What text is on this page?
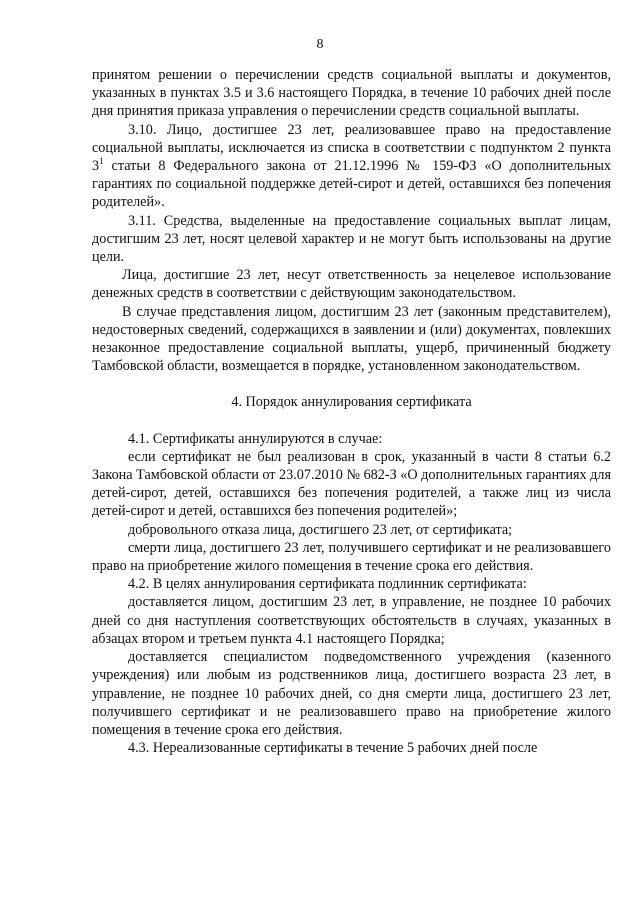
8

принятом решении о перечислении средств социальной выплаты и документов, указанных в пунктах 3.5 и 3.6 настоящего Порядка, в течение 10 рабочих дней после дня принятия приказа управления о перечислении средств социальной выплаты.

3.10. Лицо, достигшее 23 лет, реализовавшее право на предоставление социальной выплаты, исключается из списка в соответствии с подпунктом 2 пункта $3^1$ статьи 8 Федерального закона от 21.12.1996 № 159-ФЗ «О дополнительных гарантиях по социальной поддержке детей-сирот и детей, оставшихся без попечения родителей».

3.11. Средства, выделенные на предоставление социальных выплат лицам, достигшим 23 лет, носят целевой характер и не могут быть использованы на другие цели.

Лица, достигшие 23 лет, несут ответственность за нецелевое использование денежных средств в соответствии с действующим законодательством.

В случае представления лицом, достигшим 23 лет (законным представителем), недостоверных сведений, содержащихся в заявлении и (или) документах, повлекших незаконное предоставление социальной выплаты, ущерб, причиненный бюджету Тамбовской области, возмещается в порядке, установленном законодательством.

4. Порядок аннулирования сертификата

4.1. Сертификаты аннулируются в случае:

если сертификат не был реализован в срок, указанный в части 8 статьи 6.2 Закона Тамбовской области от 23.07.2010 № 682-З «О дополнительных гарантиях для детей-сирот, детей, оставшихся без попечения родителей, а также лиц из числа детей-сирот и детей, оставшихся без попечения родителей»;

добровольного отказа лица, достигшего 23 лет, от сертификата;

смерти лица, достигшего 23 лет, получившего сертификат и не реализовавшего право на приобретение жилого помещения в течение срока его действия.

4.2. В целях аннулирования сертификата подлинник сертификата:

доставляется лицом, достигшим 23 лет, в управление, не позднее 10 рабочих дней со дня наступления соответствующих обстоятельств в случаях, указанных в абзацах втором и третьем пункта 4.1 настоящего Порядка;

доставляется специалистом подведомственного учреждения (казенного учреждения) или любым из родственников лица, достигшего возраста 23 лет, в управление, не позднее 10 рабочих дней, со дня смерти лица, достигшего 23 лет, получившего сертификат и не реализовавшего право на приобретение жилого помещения в течение срока его действия.

4.3. Нереализованные сертификаты в течение 5 рабочих дней после
